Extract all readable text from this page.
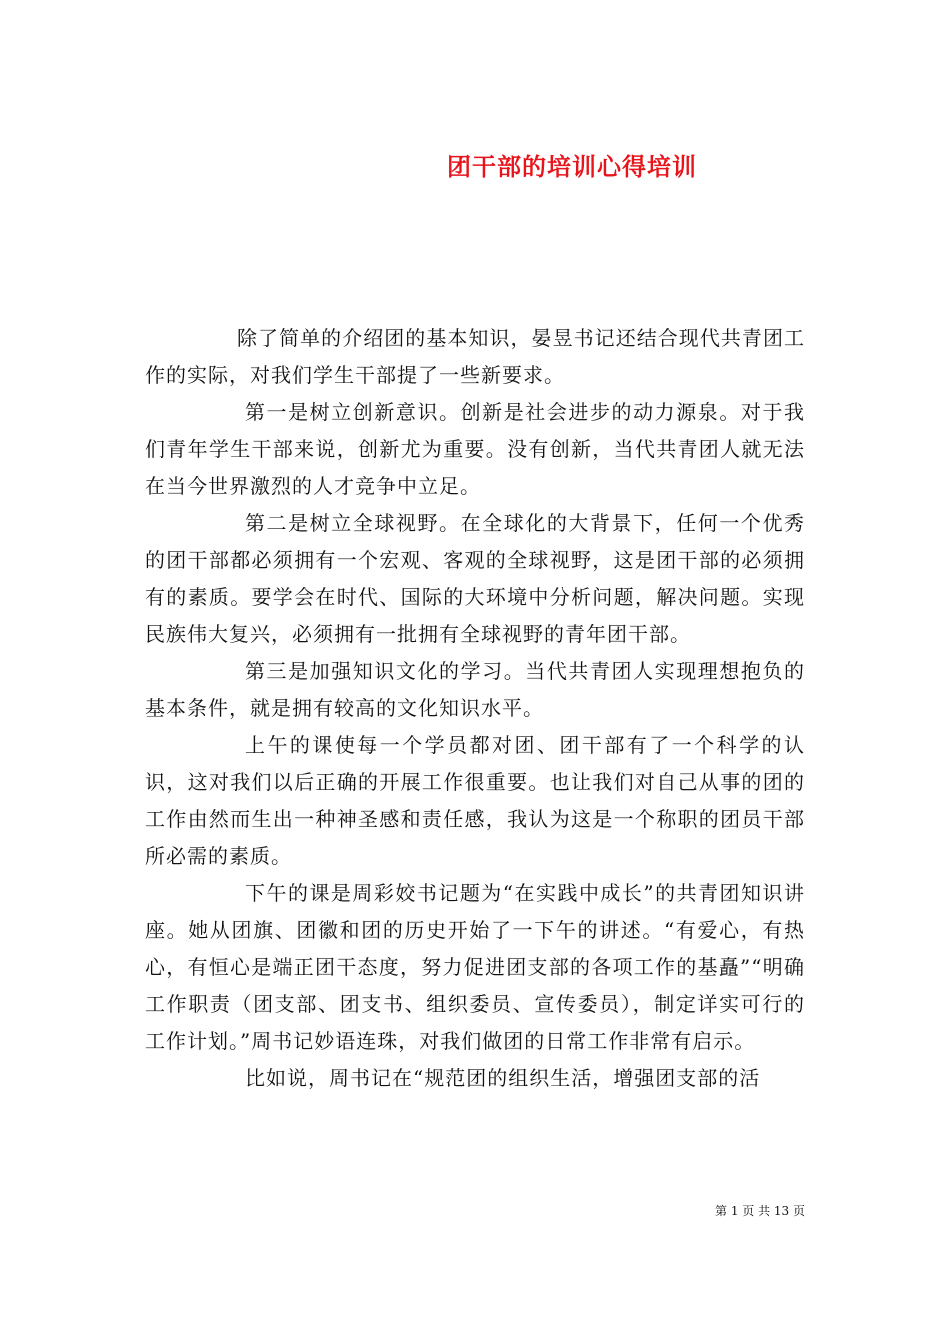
团干部的培训心得培训

除了简单的介绍团的基本知识，晏昱书记还结合现代共青团工作的实际，对我们学生干部提了一些新要求。

第一是树立创新意识。创新是社会进步的动力源泉。对于我们青年学生干部来说，创新尤为重要。没有创新，当代共青团人就无法在当今世界激烈的人才竞争中立足。

第二是树立全球视野。在全球化的大背景下，任何一个优秀的团干部都必须拥有一个宏观、客观的全球视野，这是团干部的必须拥有的素质。要学会在时代、国际的大环境中分析问题，解决问题。实现民族伟大复兴，必须拥有一批拥有全球视野的青年团干部。

第三是加强知识文化的学习。当代共青团人实现理想抱负的基本条件，就是拥有较高的文化知识水平。

上午的课使每一个学员都对团、团干部有了一个科学的认识，这对我们以后正确的开展工作很重要。也让我们对自己从事的团的工作由然而生出一种神圣感和责任感，我认为这是一个称职的团员干部所必需的素质。

下午的课是周彩姣书记题为“在实践中成长”的共青团知识讲座。她从团旗、团徽和团的历史开始了一下午的讲述。“有爱心，有热心，有恒心是端正团干态度，努力促进团支部的各项工作的基矗”“明确工作职责（团支部、团支书、组织委员、宣传委员），制定详实可行的工作计划。”周书记妙语连珠，对我们做团的日常工作非常有启示。

比如说，周书记在“规范团的组织生活，增强团支部的活

第 1 页 共 13 页
